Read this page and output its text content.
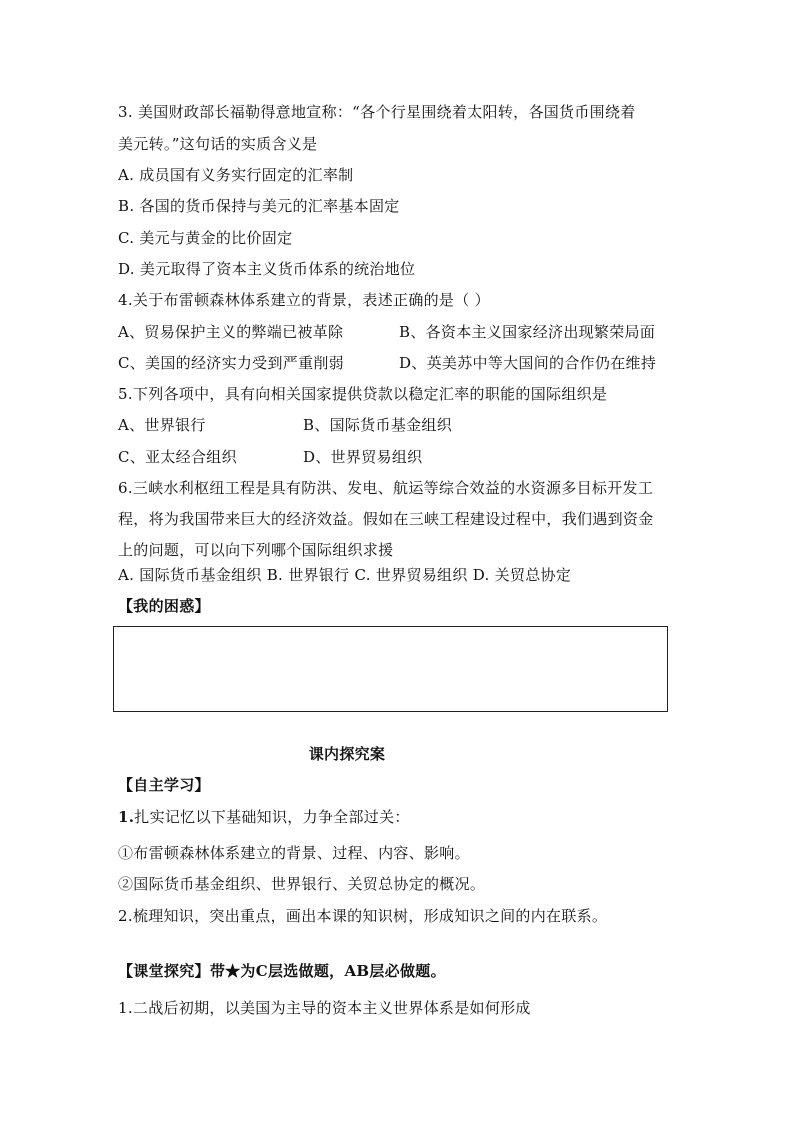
3. 美国财政部长福勒得意地宣称：“各个行星围绕着太阳转，各国货币围绕着
美元转。”这句话的实质含义是
A. 成员国有义务实行固定的汇率制
B. 各国的货币保持与美元的汇率基本固定
C. 美元与黄金的比价固定
D. 美元取得了资本主义货币体系的统治地位
4.关于布雷顿森林体系建立的背景，表述正确的是（ ）
A、贸易保护主义的弊端已被革除	B、各资本主义国家经济出现繁荣局面
C、美国的经济实力受到严重削弱	D、英美苏中等大国间的合作仍在维持
5.下列各项中，具有向相关国家提供贷款以稳定汇率的职能的国际组织是
A、世界银行	B、国际货币基金组织
C、亚太经合组织	D、世界贸易组织
6.三峡水利枢纽工程是具有防洪、发电、航运等综合效益的水资源多目标开发工
程，将为我国带来巨大的经济效益。假如在三峡工程建设过程中，我们遇到资金
上的问题，可以向下列哪个国际组织求援
A. 国际货币基金组织 B. 世界银行 C. 世界贸易组织 D. 关贸总协定
【我的困惑】
课内探究案
【自主学习】
1.扎实记忆以下基础知识，力争全部过关：
①布雷顿森林体系建立的背景、过程、内容、影响。
②国际货币基金组织、世界银行、关贸总协定的概况。
2.梳理知识，突出重点，画出本课的知识树，形成知识之间的内在联系。
【课堂探究】带★为C层选做题，AB层必做题。
1.二战后初期，以美国为主导的资本主义世界体系是如何形成
